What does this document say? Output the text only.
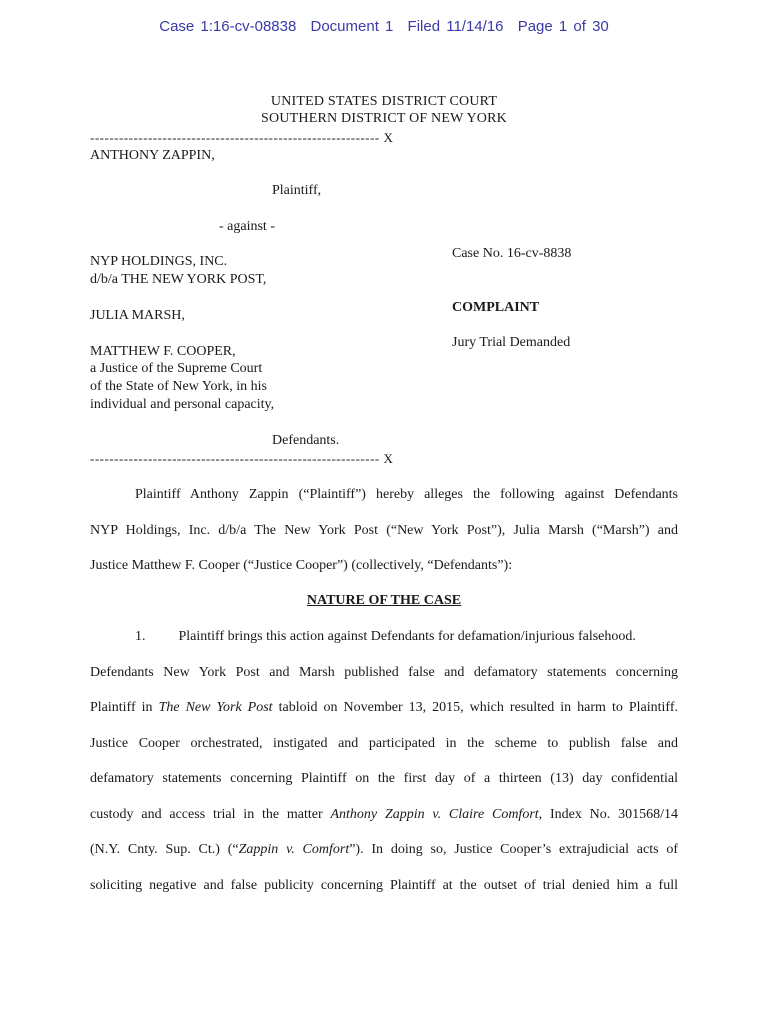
Case 1:16-cv-08838 Document 1 Filed 11/14/16 Page 1 of 30
UNITED STATES DISTRICT COURT
SOUTHERN DISTRICT OF NEW YORK
------------------------------------------------------------ X
ANTHONY ZAPPIN,
Plaintiff,
- against -
NYP HOLDINGS, INC.
d/b/a THE NEW YORK POST,
JULIA MARSH,
MATTHEW F. COOPER,
a Justice of the Supreme Court
of the State of New York, in his
individual and personal capacity,
Defendants.
------------------------------------------------------------ X
Case No. 16-cv-8838
COMPLAINT
Jury Trial Demanded
Plaintiff Anthony Zappin (“Plaintiff”) hereby alleges the following against Defendants
NYP Holdings, Inc. d/b/a The New York Post (“New York Post”), Julia Marsh (“Marsh”) and
Justice Matthew F. Cooper (“Justice Cooper”) (collectively, “Defendants”):
NATURE OF THE CASE
1. Plaintiff brings this action against Defendants for defamation/injurious falsehood.
Defendants New York Post and Marsh published false and defamatory statements concerning
Plaintiff in The New York Post tabloid on November 13, 2015, which resulted in harm to Plaintiff.
Justice Cooper orchestrated, instigated and participated in the scheme to publish false and
defamatory statements concerning Plaintiff on the first day of a thirteen (13) day confidential
custody and access trial in the matter Anthony Zappin v. Claire Comfort, Index No. 301568/14
(N.Y. Cnty. Sup. Ct.) (“Zappin v. Comfort”). In doing so, Justice Cooper’s extrajudicial acts of
soliciting negative and false publicity concerning Plaintiff at the outset of trial denied him a full
